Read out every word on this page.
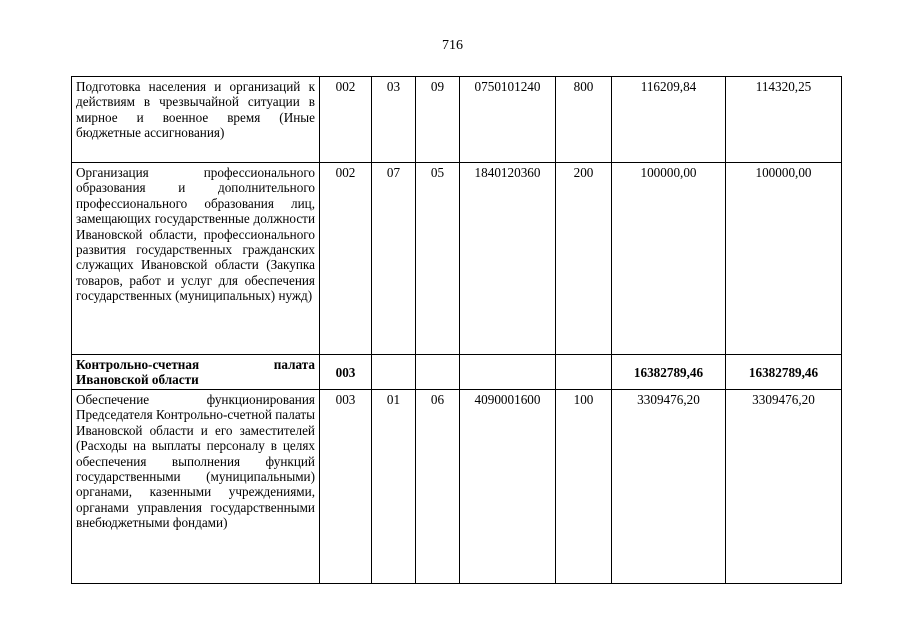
716
Подготовка населения и организаций к действиям в чрезвычайной ситуации в мирное и военное время (Иные бюджетные ассигнования)	002	03	09	0750101240	800	116209,84	114320,25
Организация профессионального образования и дополнительного профессионального образования лиц, замещающих государственные должности Ивановской области, профессионального развития государственных гражданских служащих Ивановской области (Закупка товаров, работ и услуг для обеспечения государственных (муниципальных) нужд)	002	07	05	1840120360	200	100000,00	100000,00
Контрольно-счетная палата Ивановской области	003					16382789,46	16382789,46
Обеспечение функционирования Председателя Контрольно-счетной палаты Ивановской области и его заместителей (Расходы на выплаты персоналу в целях обеспечения выполнения функций государственными (муниципальными) органами, казенными учреждениями, органами управления государственными внебюджетными фондами)	003	01	06	4090001600	100	3309476,20	3309476,20
